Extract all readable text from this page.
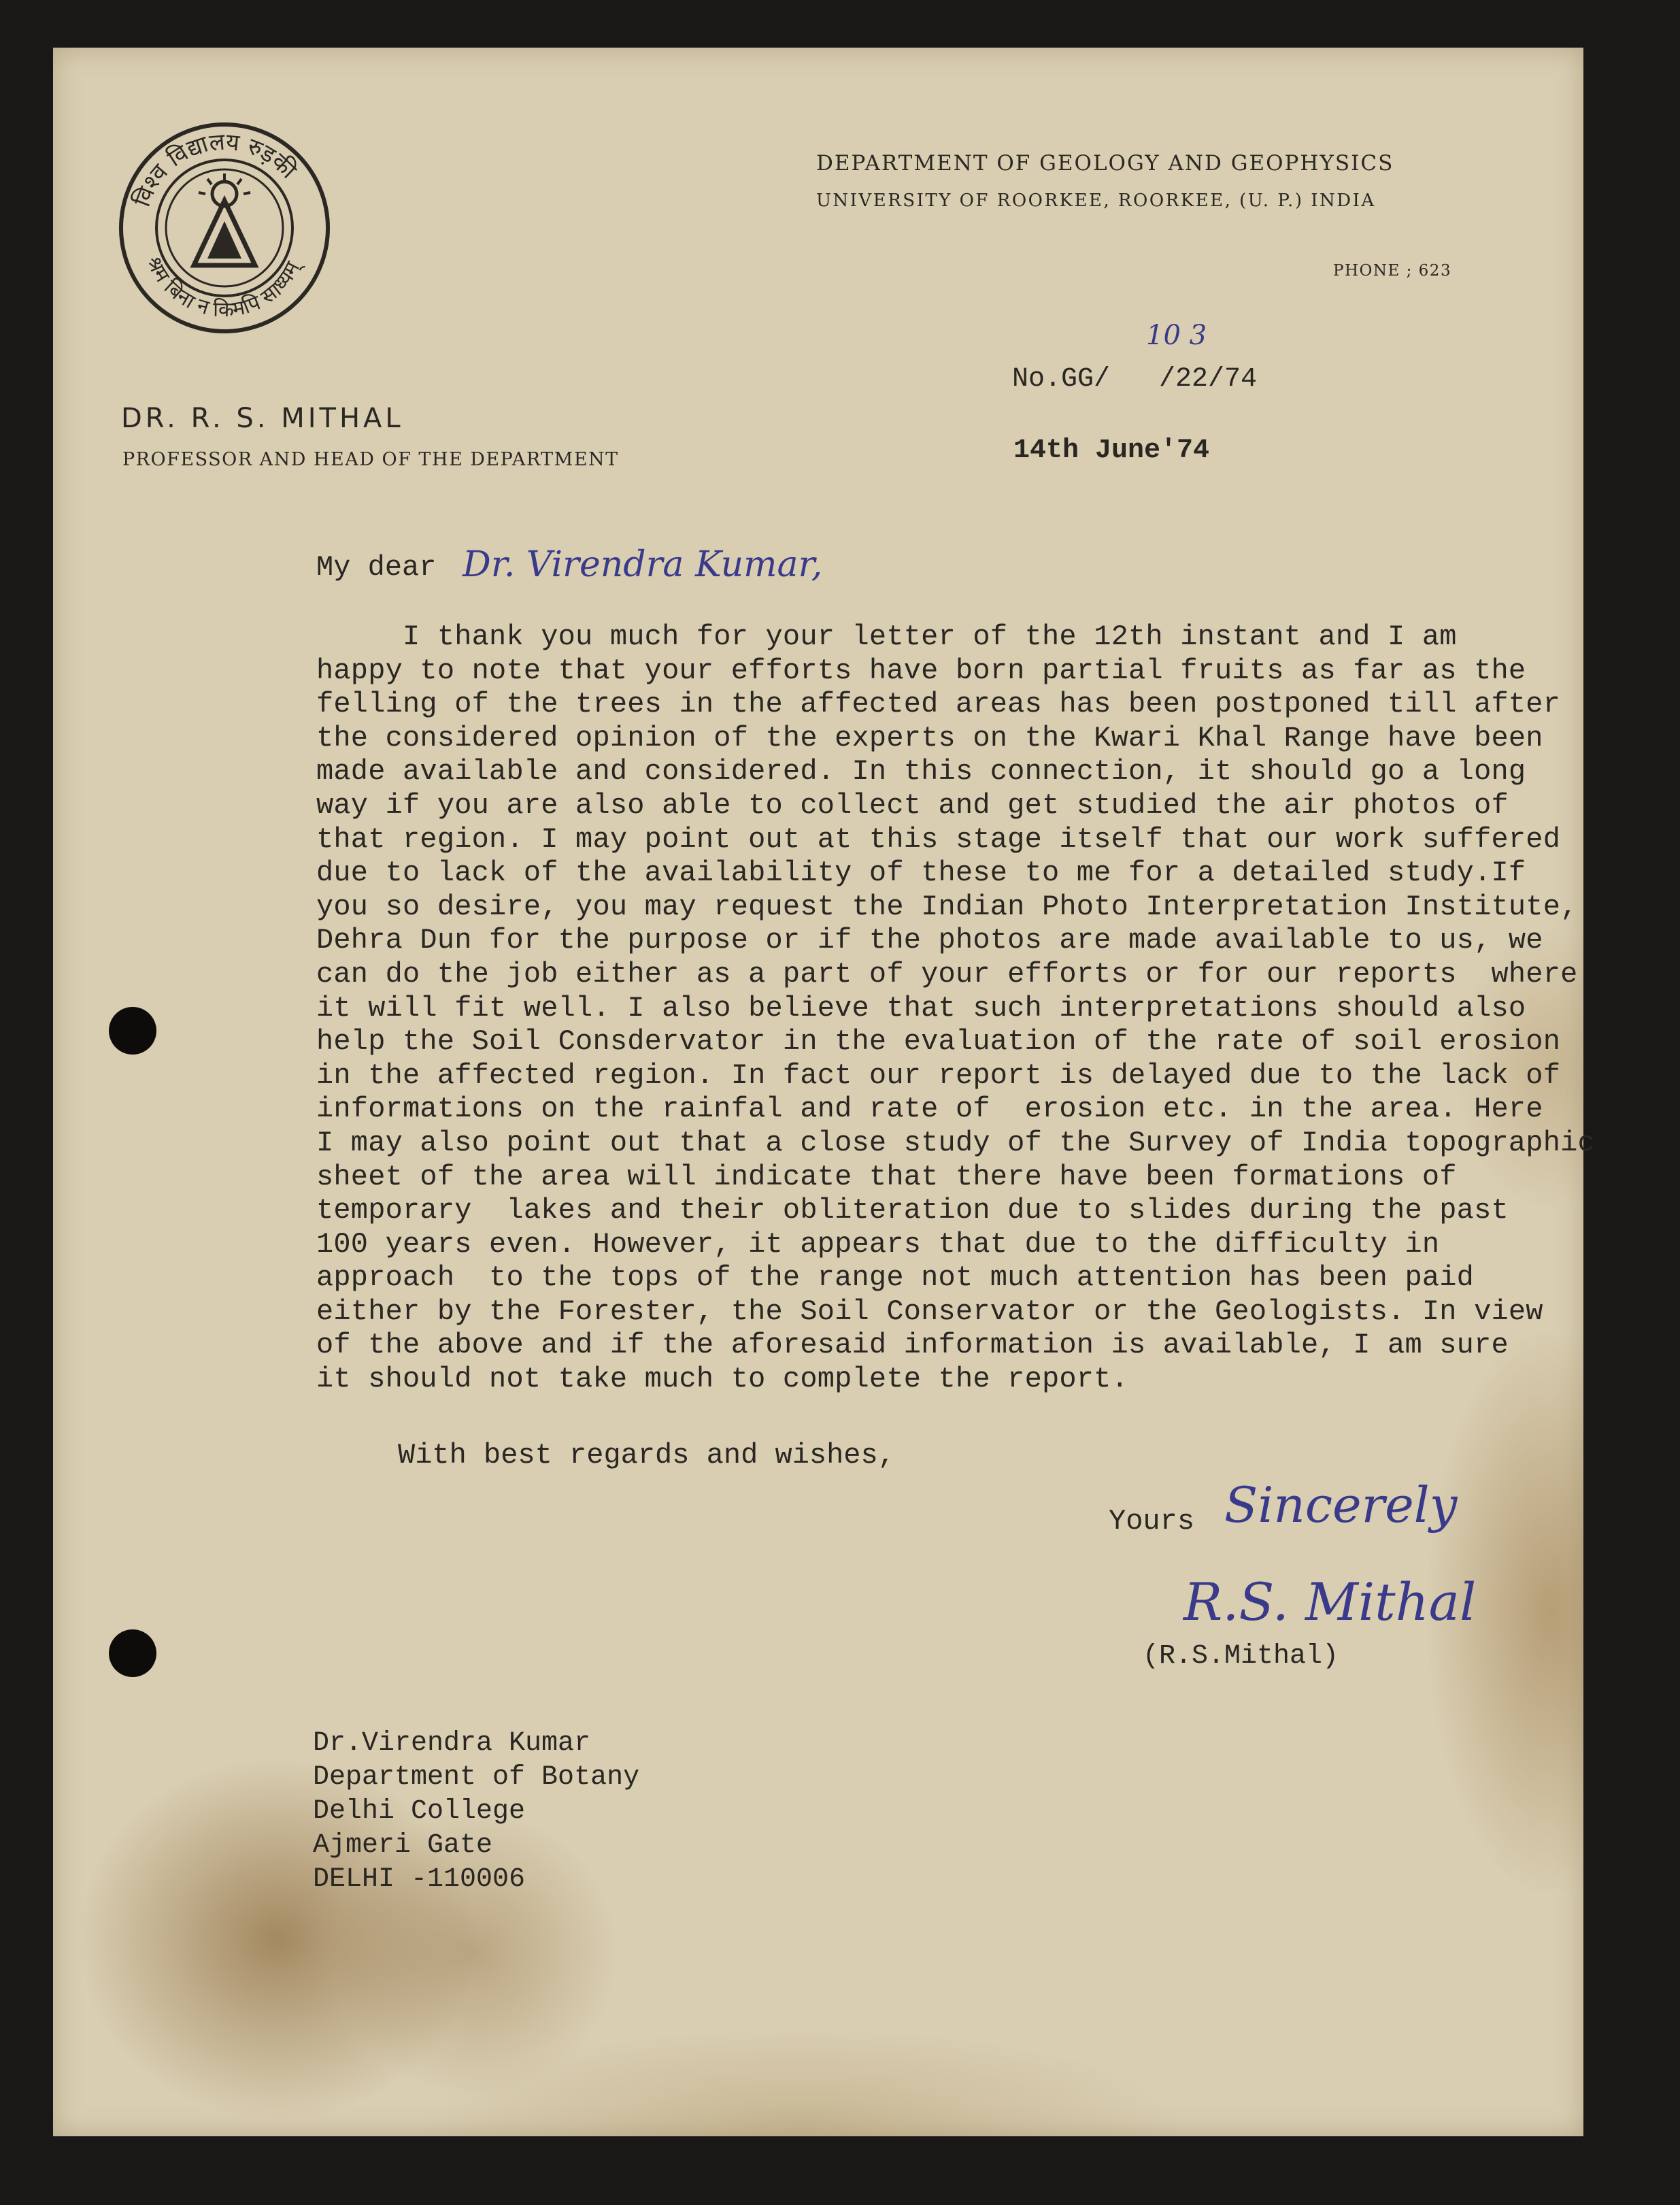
विश्व विद्यालय रुड़की
श्रम बिना न किमपि साध्यम्
DEPARTMENT OF GEOLOGY AND GEOPHYSICS
UNIVERSITY OF ROORKEE, ROORKEE, (U. P.) INDIA
PHONE ; 623
DR. R. S. MITHAL
PROFESSOR AND HEAD OF THE DEPARTMENT
No.GG/   /22/74
10 3
14th June'74
My dear Dr. Virendra Kumar,
I thank you much for your letter of the 12th instant and I am
happy to note that your efforts have born partial fruits as far as the
felling of the trees in the affected areas has been postponed till after
the considered opinion of the experts on the Kwari Khal Range have been
made available and considered. In this connection, it should go a long
way if you are also able to collect and get studied the air photos of
that region. I may point out at this stage itself that our work suffered
due to lack of the availability of these to me for a detailed study.If
you so desire, you may request the Indian Photo Interpretation Institute,
Dehra Dun for the purpose or if the photos are made available to us, we
can do the job either as a part of your efforts or for our reports  where
it will fit well. I also believe that such interpretations should also
help the Soil Consdervator in the evaluation of the rate of soil erosion
in the affected region. In fact our report is delayed due to the lack of
informations on the rainfal and rate of  erosion etc. in the area. Here
I may also point out that a close study of the Survey of India topographic
sheet of the area will indicate that there have been formations of
temporary  lakes and their obliteration due to slides during the past
100 years even. However, it appears that due to the difficulty in
approach  to the tops of the range not much attention has been paid
either by the Forester, the Soil Conservator or the Geologists. In view
of the above and if the aforesaid information is available, I am sure
it should not take much to complete the report.
With best regards and wishes,
Yours Sincerely
R.S. Mithal
(R.S.Mithal)

Dr.Virendra Kumar
Department of Botany
Delhi College
Ajmeri Gate
DELHI -110006
